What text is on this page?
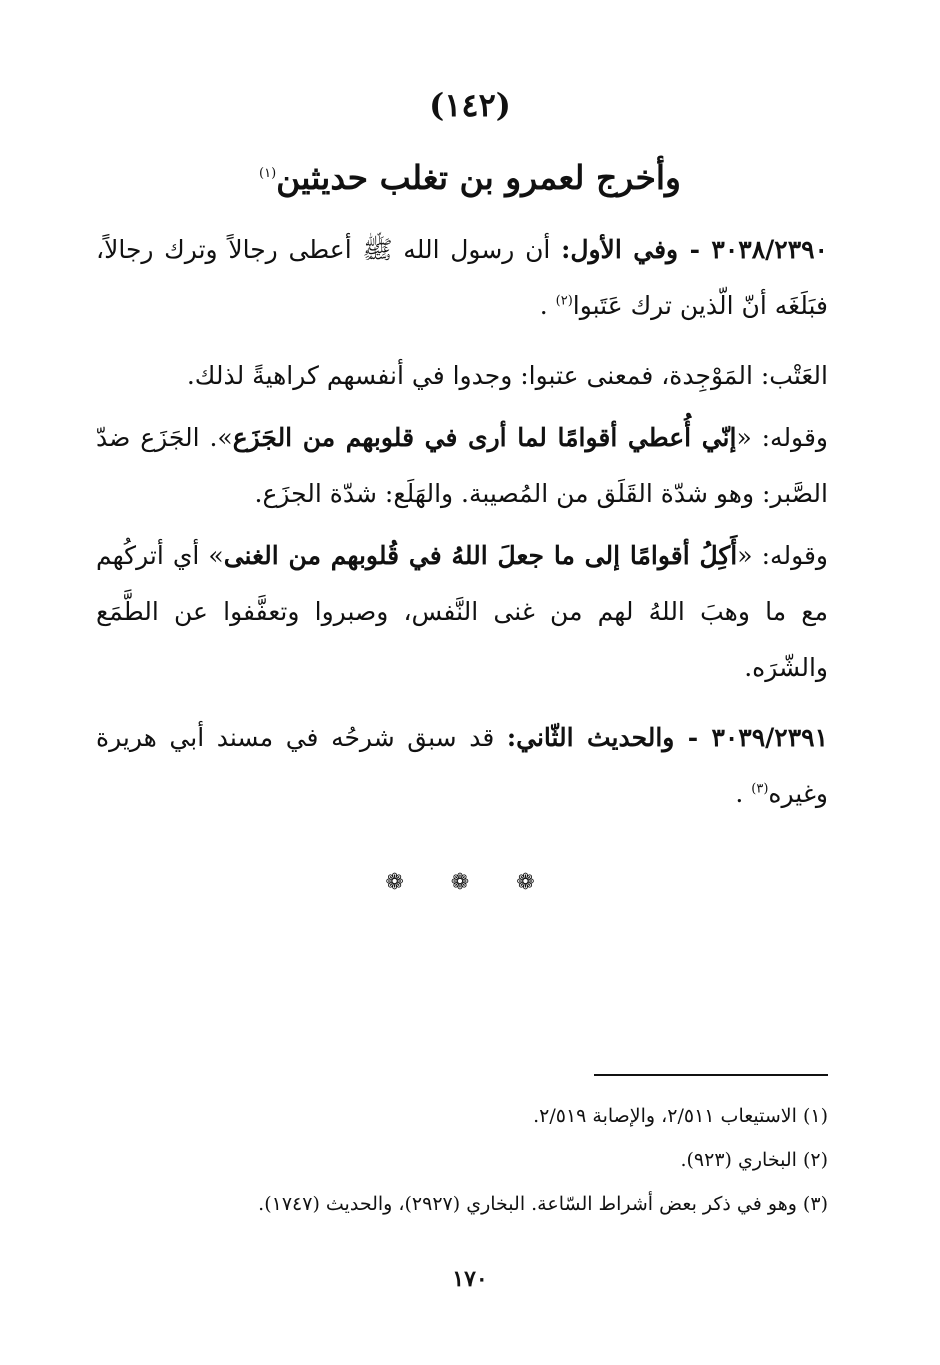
(١٤٢)
وأخرج لعمرو بن تغلب حديثين$^{(١)}$

٣٠٣٨/٢٣٩٠ - وفي الأول: أن رسول الله ﷺ أعطى رجالاً وترك رجالاً، فبَلَغَه أنّ الّذين ترك عَتَبوا$^{(٢)}$ .

العَتْب: المَوْجِدة، فمعنى عتبوا: وجدوا في أنفسهم كراهيةً لذلك.

وقوله: «إنّي أُعطي أقوامًا لما أرى في قلوبهم من الجَزَع». الجَزَع ضدّ الصَّبر: وهو شدّة القَلَق من المُصيبة. والهَلَع: شدّة الجزَع.

وقوله: «أَكِلُ أقوامًا إلى ما جعلَ اللهُ في قُلوبهم من الغنى» أي أتركُهم مع ما وهبَ اللهُ لهم من غنى النَّفس، وصبروا وتعفَّفوا عن الطَّمَع والشّرَه.

٣٠٣٩/٢٣٩١ - والحديث الثّاني: قد سبق شرحُه في مسند أبي هريرة وغيره$^{(٣)}$ .

❁ ❁ ❁

(١) الاستيعاب ٢/٥١١، والإصابة ٢/٥١٩.

(٢) البخاري (٩٢٣).

(٣) وهو في ذكر بعض أشراط السّاعة. البخاري (٢٩٢٧)، والحديث (١٧٤٧).

١٧٠
